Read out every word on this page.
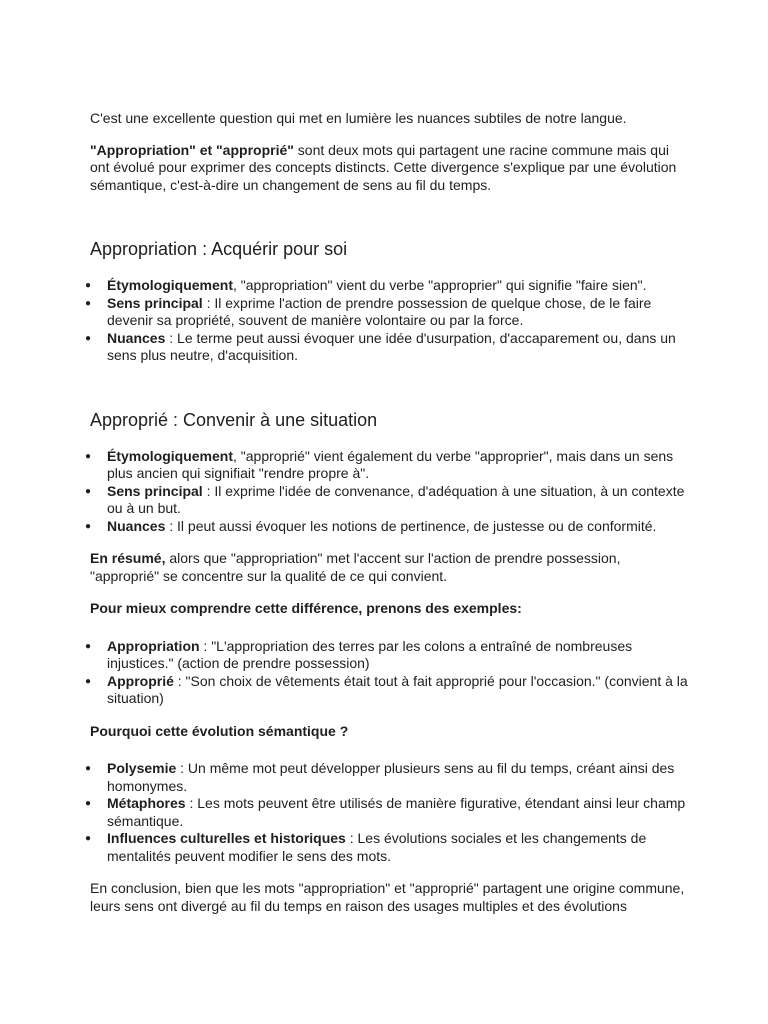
C'est une excellente question qui met en lumière les nuances subtiles de notre langue.

"Appropriation" et "approprié" sont deux mots qui partagent une racine commune mais qui ont évolué pour exprimer des concepts distincts. Cette divergence s'explique par une évolution sémantique, c'est-à-dire un changement de sens au fil du temps.

Appropriation : Acquérir pour soi
● Étymologiquement, "appropriation" vient du verbe "approprier" qui signifie "faire sien".
● Sens principal : Il exprime l'action de prendre possession de quelque chose, de le faire devenir sa propriété, souvent de manière volontaire ou par la force.
● Nuances : Le terme peut aussi évoquer une idée d'usurpation, d'accaparement ou, dans un sens plus neutre, d'acquisition.
Approprié : Convenir à une situation
● Étymologiquement, "approprié" vient également du verbe "approprier", mais dans un sens plus ancien qui signifiait "rendre propre à".
● Sens principal : Il exprime l'idée de convenance, d'adéquation à une situation, à un contexte ou à un but.
● Nuances : Il peut aussi évoquer les notions de pertinence, de justesse ou de conformité.

En résumé, alors que "appropriation" met l'accent sur l'action de prendre possession, "approprié" se concentre sur la qualité de ce qui convient.

Pour mieux comprendre cette différence, prenons des exemples:

● Appropriation : "L'appropriation des terres par les colons a entraîné de nombreuses injustices." (action de prendre possession)
● Approprié : "Son choix de vêtements était tout à fait approprié pour l'occasion." (convient à la situation)

Pourquoi cette évolution sémantique ?

● Polysemie : Un même mot peut développer plusieurs sens au fil du temps, créant ainsi des homonymes.
● Métaphores : Les mots peuvent être utilisés de manière figurative, étendant ainsi leur champ sémantique.
● Influences culturelles et historiques : Les évolutions sociales et les changements de mentalités peuvent modifier le sens des mots.

En conclusion, bien que les mots "appropriation" et "approprié" partagent une origine commune, leurs sens ont divergé au fil du temps en raison des usages multiples et des évolutions
